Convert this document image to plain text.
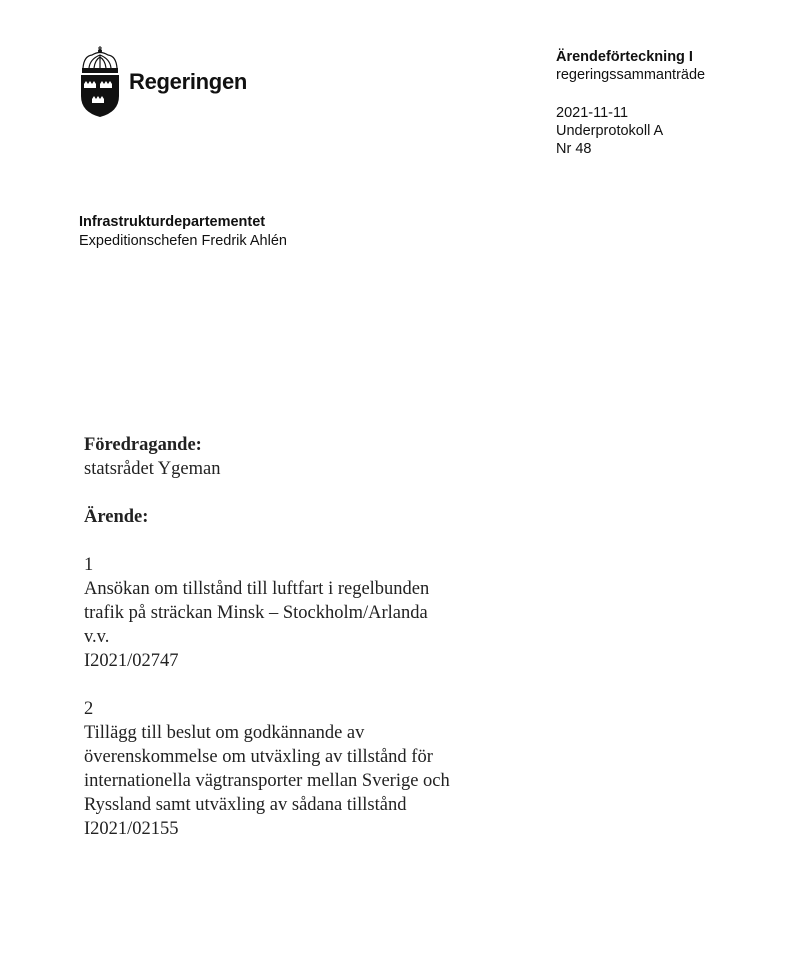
Regeringen
Ärendeförteckning I
regeringssammanträde
2021-11-11
Underprotokoll A
Nr 48
Infrastrukturdepartementet
Expeditionschefen Fredrik Ahlén
Föredragande:
statsrådet Ygeman
Ärende:
1
Ansökan om tillstånd till luftfart i regelbunden
trafik på sträckan Minsk – Stockholm/Arlanda
v.v.
I2021/02747
2
Tillägg till beslut om godkännande av
överenskommelse om utväxling av tillstånd för
internationella vägtransporter mellan Sverige och
Ryssland samt utväxling av sådana tillstånd
I2021/02155
